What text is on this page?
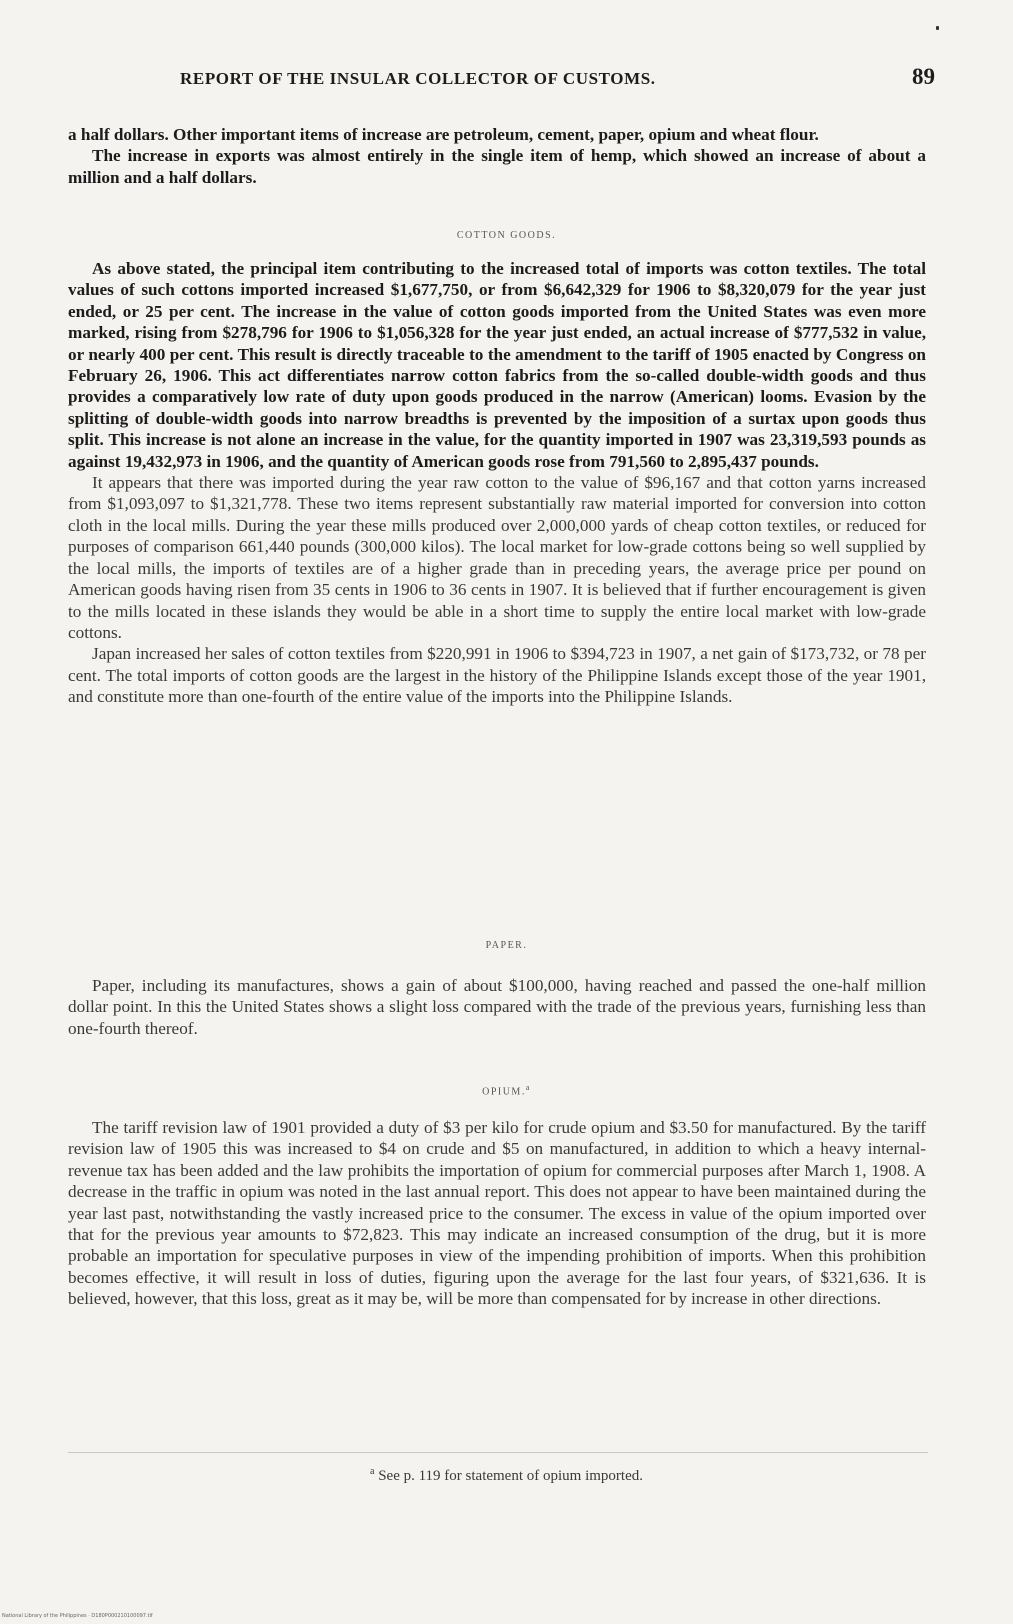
REPORT OF THE INSULAR COLLECTOR OF CUSTOMS.	89

a half dollars. Other important items of increase are petroleum, cement, paper, opium and wheat flour.

The increase in exports was almost entirely in the single item of hemp, which showed an increase of about a million and a half dollars.

COTTON GOODS.

As above stated, the principal item contributing to the increased total of imports was cotton textiles. The total values of such cottons imported increased $1,677,750, or from $6,642,329 for 1906 to $8,320,079 for the year just ended, or 25 per cent. The increase in the value of cotton goods imported from the United States was even more marked, rising from $278,796 for 1906 to $1,056,328 for the year just ended, an actual increase of $777,532 in value, or nearly 400 per cent. This result is directly traceable to the amendment to the tariff of 1905 enacted by Congress on February 26, 1906. This act differentiates narrow cotton fabrics from the so-called double-width goods and thus provides a comparatively low rate of duty upon goods produced in the narrow (American) looms. Evasion by the splitting of double-width goods into narrow breadths is prevented by the imposition of a surtax upon goods thus split. This increase is not alone an increase in the value, for the quantity imported in 1907 was 23,319,593 pounds as against 19,432,973 in 1906, and the quantity of American goods rose from 791,560 to 2,895,437 pounds.

It appears that there was imported during the year raw cotton to the value of $96,167 and that cotton yarns increased from $1,093,097 to $1,321,778. These two items represent substantially raw material imported for conversion into cotton cloth in the local mills. During the year these mills produced over 2,000,000 yards of cheap cotton textiles, or reduced for purposes of comparison 661,440 pounds (300,000 kilos). The local market for low-grade cottons being so well supplied by the local mills, the imports of textiles are of a higher grade than in preceding years, the average price per pound on American goods having risen from 35 cents in 1906 to 36 cents in 1907. It is believed that if further encouragement is given to the mills located in these islands they would be able in a short time to supply the entire local market with low-grade cottons.

Japan increased her sales of cotton textiles from $220,991 in 1906 to $394,723 in 1907, a net gain of $173,732, or 78 per cent. The total imports of cotton goods are the largest in the history of the Philippine Islands except those of the year 1901, and constitute more than one-fourth of the entire value of the imports into the Philippine Islands.

PAPER.

Paper, including its manufactures, shows a gain of about $100,000, having reached and passed the one-half million dollar point. In this the United States shows a slight loss compared with the trade of the previous years, furnishing less than one-fourth thereof.

OPIUM.$^a$

The tariff revision law of 1901 provided a duty of $3 per kilo for crude opium and $3.50 for manufactured. By the tariff revision law of 1905 this was increased to $4 on crude and $5 on manufactured, in addition to which a heavy internal-revenue tax has been added and the law prohibits the importation of opium for commercial purposes after March 1, 1908. A decrease in the traffic in opium was noted in the last annual report. This does not appear to have been maintained during the year last past, notwithstanding the vastly increased price to the consumer. The excess in value of the opium imported over that for the previous year amounts to $72,823. This may indicate an increased consumption of the drug, but it is more probable an importation for speculative purposes in view of the impending prohibition of imports. When this prohibition becomes effective, it will result in loss of duties, figuring upon the average for the last four years, of $321,636. It is believed, however, that this loss, great as it may be, will be more than compensated for by increase in other directions.

$^a$ See p. 119 for statement of opium imported.
National Library of the Philippines · D180P000210100097.tif
